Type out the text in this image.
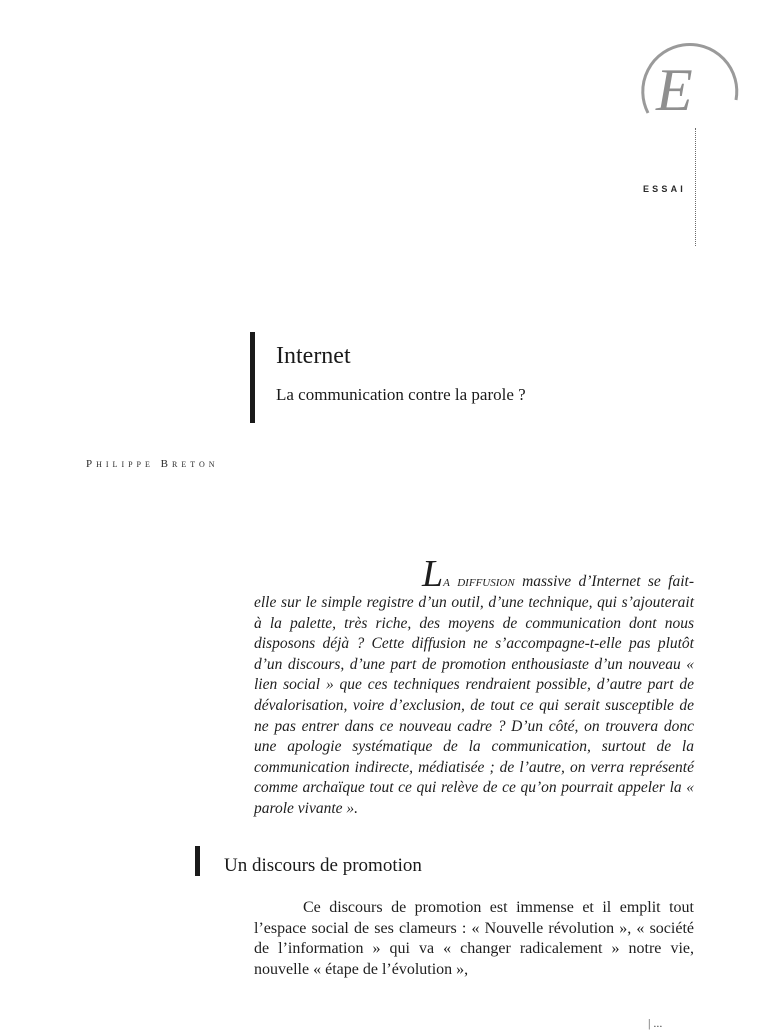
E
ESSAI
Internet
La communication contre la parole ?
Philippe Breton
La diffusion massive d’Internet se fait-elle sur le simple registre d’un outil, d’une technique, qui s’ajouterait à la palette, très riche, des moyens de communication dont nous disposons déjà ? Cette diffusion ne s’accompagne-t-elle pas plutôt d’un discours, d’une part de promotion enthousiaste d’un nouveau « lien social » que ces techniques rendraient possible, d’autre part de dévalorisation, voire d’exclusion, de tout ce qui serait susceptible de ne pas entrer dans ce nouveau cadre ? D’un côté, on trouvera donc une apologie systématique de la communication, surtout de la communication indirecte, médiatisée ; de l’autre, on verra représenté comme archaïque tout ce qui relève de ce qu’on pourrait appeler la « parole vivante ».
Un discours de promotion
Ce discours de promotion est immense et il emplit tout l’espace social de ses clameurs : « Nouvelle révolution », « société de l’information » qui va « changer radicalement » notre vie, nouvelle « étape de l’évolution »,
| ...
